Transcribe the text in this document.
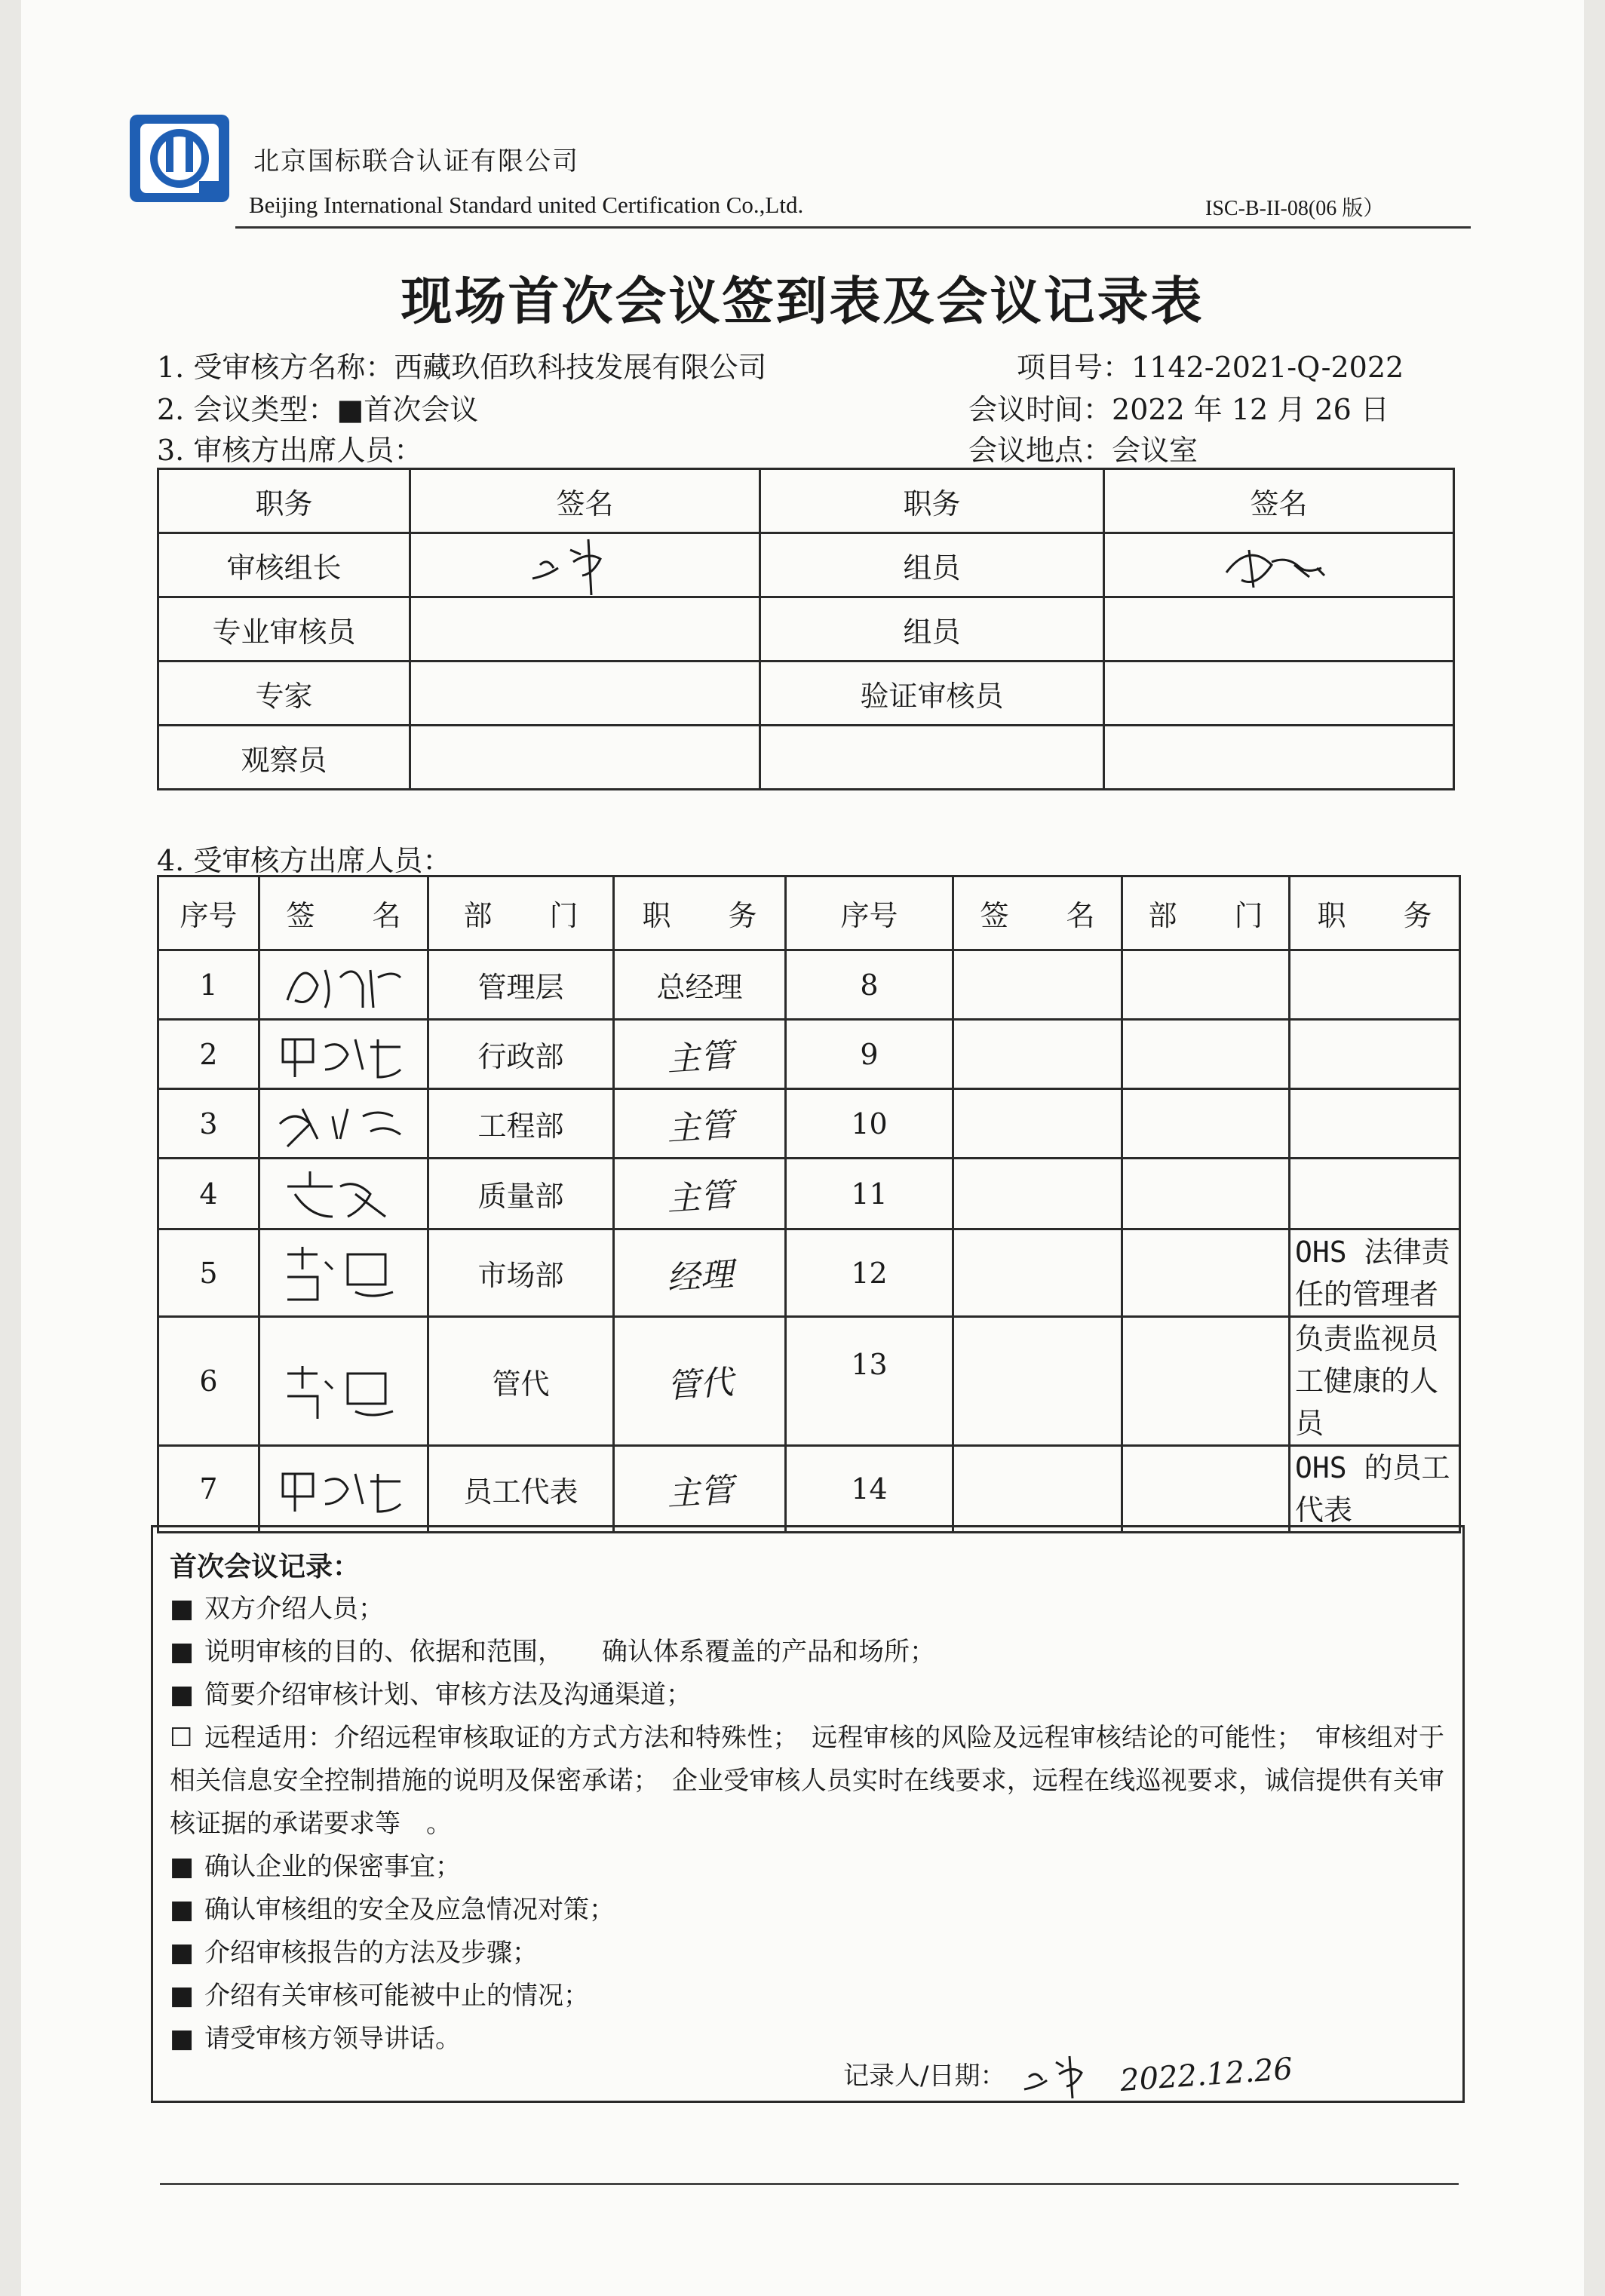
北京国标联合认证有限公司
Beijing International Standard united Certification Co.,Ltd.	ISC-B-II-08(06 版）
现场首次会议签到表及会议记录表
1. 受审核方名称：西藏玖佰玖科技发展有限公司	项目号：1142-2021-Q-2022
2. 会议类型：■首次会议	会议时间：2022 年 12 月 26 日
3. 审核方出席人员：	会议地点：会议室
职务	签名	职务	签名
审核组长		组员	

专业审核员		组员	
专家		验证审核员	
观察员			
4. 受审核方出席人员：
序号	签　　名	部　　门	职　　务	序号	签　　名	部　　门	职　　务
1		管理层	总经理	8			
2		行政部	主管	9			
3		工程部	主管	10			
4		质量部	主管	11			
5		市场部	经理	12			OHS 法律责任的管理者
6		管代	管代	13			负责监视员工健康的人员
7		员工代表	主管	14			OHS 的员工代表
首次会议记录：
■ 双方介绍人员；
■ 说明审核的目的、依据和范围，　　确认体系覆盖的产品和场所；
■ 简要介绍审核计划、审核方法及沟通渠道；
☐ 远程适用：介绍远程审核取证的方式方法和特殊性；　远程审核的风险及远程审核结论的可能性；　审核组对于相关信息安全控制措施的说明及保密承诺；　企业受审核人员实时在线要求，远程在线巡视要求，诚信提供有关审核证据的承诺要求等　。
■ 确认企业的保密事宜；
■ 确认审核组的安全及应急情况对策；
■ 介绍审核报告的方法及步骤；
■ 介绍有关审核可能被中止的情况；
■ 请受审核方领导讲话。
记录人/日期：	2022.12.26
